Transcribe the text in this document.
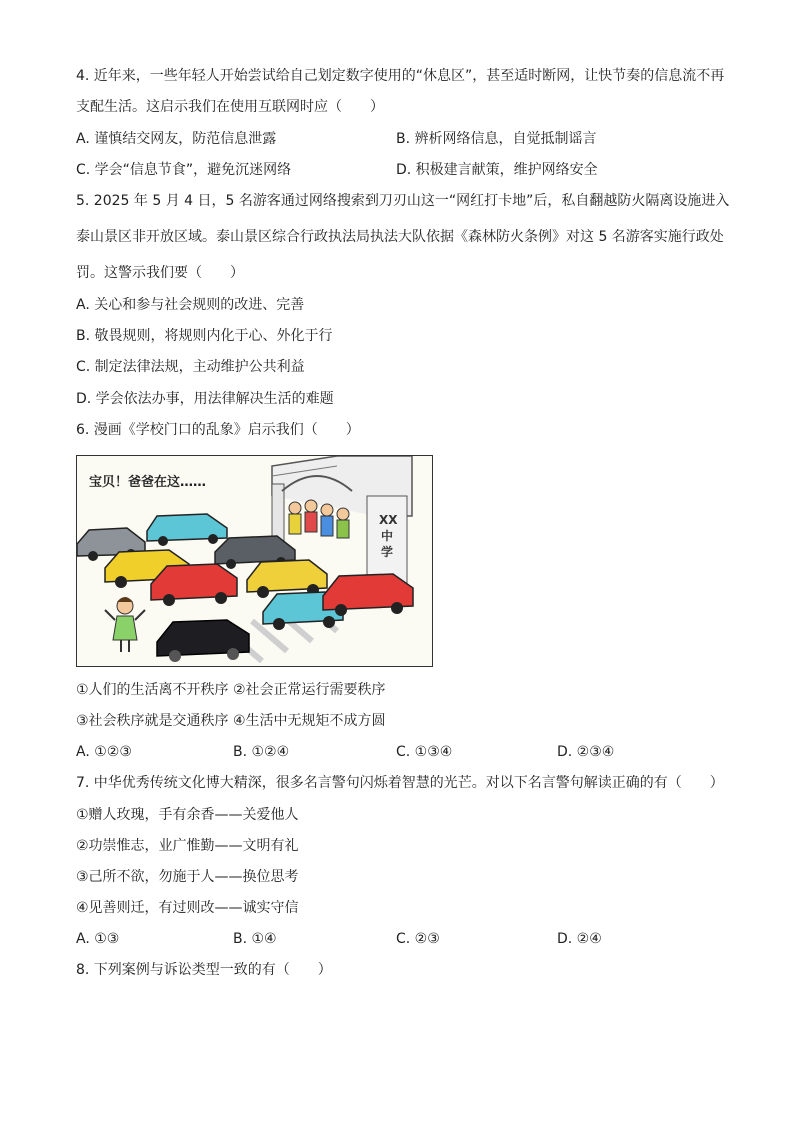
4. 近年来，一些年轻人开始尝试给自己划定数字使用的“休息区”，甚至适时断网，让快节奏的信息流不再
支配生活。这启示我们在使用互联网时应（　　）
A. 谨慎结交网友，防范信息泄露	B. 辨析网络信息，自觉抵制谣言
C. 学会“信息节食”，避免沉迷网络	D. 积极建言献策，维护网络安全
5. 2025 年 5 月 4 日，5 名游客通过网络搜索到刀刃山这一“网红打卡地”后，私自翻越防火隔离设施进入
泰山景区非开放区域。泰山景区综合行政执法局执法大队依据《森林防火条例》对这 5 名游客实施行政处
罚。这警示我们要（　　）
A. 关心和参与社会规则的改进、完善
B. 敬畏规则，将规则内化于心、外化于行
C. 制定法律法规，主动维护公共利益
D. 学会依法办事，用法律解决生活的难题
6. 漫画《学校门口的乱象》启示我们（　　）
XX
中
学
宝贝！爸爸在这……
①人们的生活离不开秩序 ②社会正常运行需要秩序
③社会秩序就是交通秩序 ④生活中无规矩不成方圆
A. ①②③	B. ①②④	C. ①③④	D. ②③④
7. 中华优秀传统文化博大精深，很多名言警句闪烁着智慧的光芒。对以下名言警句解读正确的有（　　）
①赠人玫瑰，手有余香——关爱他人
②功崇惟志，业广惟勤——文明有礼
③己所不欲，勿施于人——换位思考
④见善则迁，有过则改——诚实守信
A. ①③	B. ①④	C. ②③	D. ②④
8. 下列案例与诉讼类型一致的有（　　）
